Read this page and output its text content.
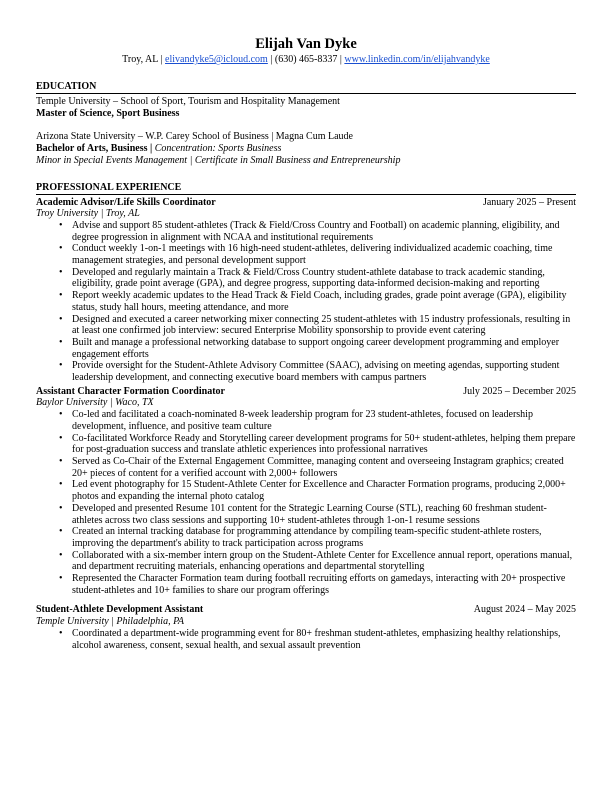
Elijah Van Dyke
Troy, AL | elivandyke5@icloud.com | (630) 465-8337 | www.linkedin.com/in/elijahvandyke
EDUCATION
Temple University – School of Sport, Tourism and Hospitality Management
Master of Science, Sport Business
Arizona State University – W.P. Carey School of Business | Magna Cum Laude
Bachelor of Arts, Business | Concentration: Sports Business
Minor in Special Events Management | Certificate in Small Business and Entrepreneurship
PROFESSIONAL EXPERIENCE
Academic Advisor/Life Skills Coordinator	January 2025 – Present
Troy University | Troy, AL
• Advise and support 85 student-athletes (Track & Field/Cross Country and Football) on academic planning, eligibility, and degree progression in alignment with NCAA and institutional requirements
• Conduct weekly 1-on-1 meetings with 16 high-need student-athletes, delivering individualized academic coaching, time management strategies, and personal development support
• Developed and regularly maintain a Track & Field/Cross Country student-athlete database to track academic standing, eligibility, grade point average (GPA), and degree progress, supporting data-informed decision-making and reporting
• Report weekly academic updates to the Head Track & Field Coach, including grades, grade point average (GPA), eligibility status, study hall hours, meeting attendance, and more
• Designed and executed a career networking mixer connecting 25 student-athletes with 15 industry professionals, resulting in at least one confirmed job interview: secured Enterprise Mobility sponsorship to provide event catering
• Built and manage a professional networking database to support ongoing career development programming and employer engagement efforts
• Provide oversight for the Student-Athlete Advisory Committee (SAAC), advising on meeting agendas, supporting student leadership development, and connecting executive board members with campus partners
Assistant Character Formation Coordinator	July 2025 – December 2025
Baylor University | Waco, TX
• Co-led and facilitated a coach-nominated 8-week leadership program for 23 student-athletes, focused on leadership development, influence, and positive team culture
• Co-facilitated Workforce Ready and Storytelling career development programs for 50+ student-athletes, helping them prepare for post-graduation success and translate athletic experiences into professional narratives
• Served as Co-Chair of the External Engagement Committee, managing content and overseeing Instagram graphics; created 20+ pieces of content for a verified account with 2,000+ followers
• Led event photography for 15 Student-Athlete Center for Excellence and Character Formation programs, producing 2,000+ photos and expanding the internal photo catalog
• Developed and presented Resume 101 content for the Strategic Learning Course (STL), reaching 60 freshman student-athletes across two class sessions and supporting 10+ student-athletes through 1-on-1 resume sessions
• Created an internal tracking database for programming attendance by compiling team-specific student-athlete rosters, improving the department's ability to track participation across programs
• Collaborated with a six-member intern group on the Student-Athlete Center for Excellence annual report, operations manual, and department recruiting materials, enhancing operations and departmental storytelling
• Represented the Character Formation team during football recruiting efforts on gamedays, interacting with 20+ prospective student-athletes and 10+ families to share our program offerings
Student-Athlete Development Assistant	August 2024 – May 2025
Temple University | Philadelphia, PA
• Coordinated a department-wide programming event for 80+ freshman student-athletes, emphasizing healthy relationships, alcohol awareness, consent, sexual health, and sexual assault prevention
